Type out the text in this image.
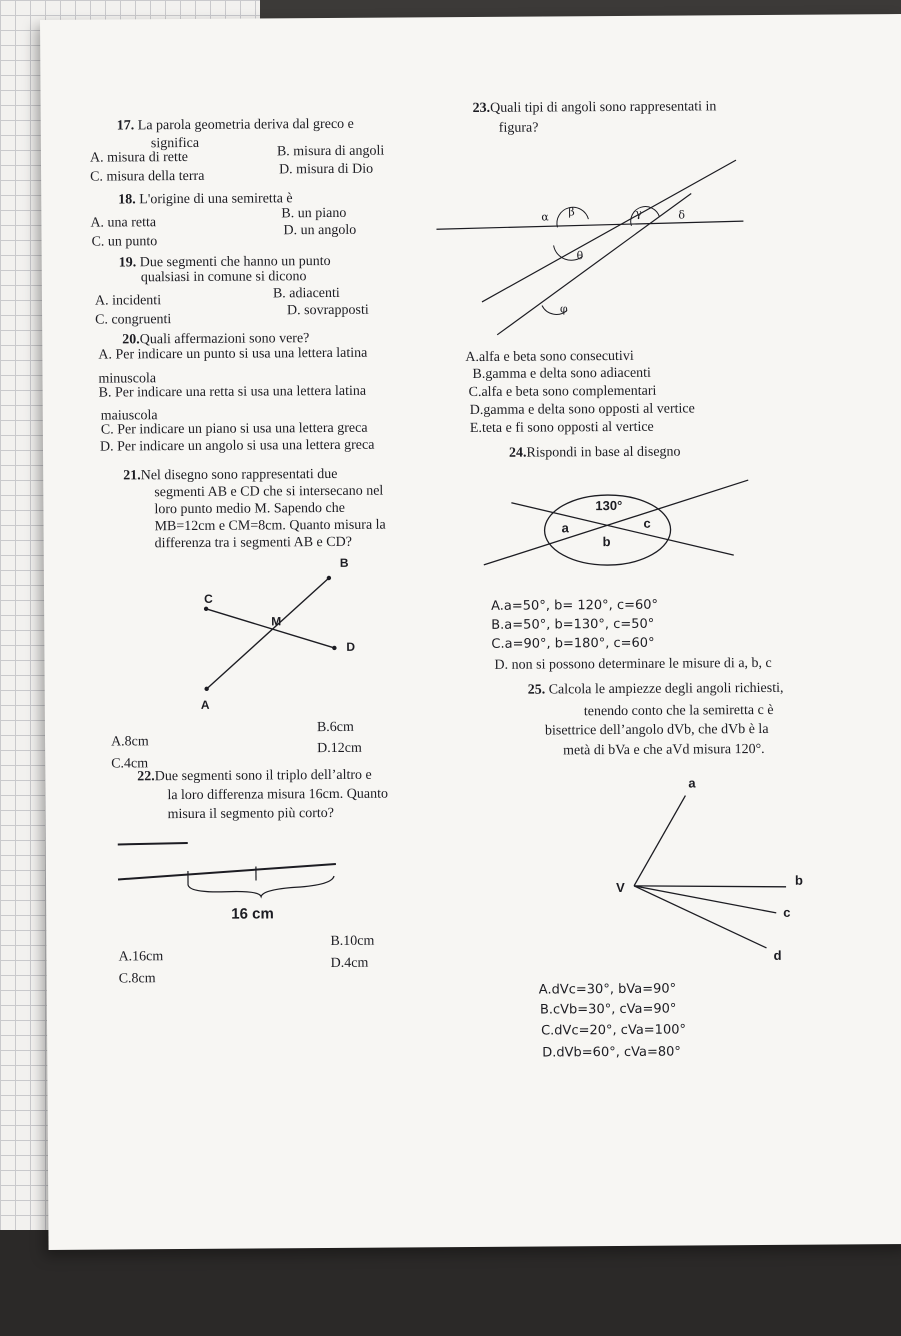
17. La parola geometria deriva dal greco e
significa
A. misura di rette	B. misura di angoli
C. misura della terra	D. misura di Dio
18. L'origine di una semiretta è
A. una retta
B. un piano
C. un punto
D. un angolo
19. Due segmenti che hanno un punto
qualsiasi in comune si dicono
A. incidenti	B. adiacenti
C. congruenti
D. sovrapposti
20.Quali affermazioni sono vere?
A. Per indicare un punto si usa una lettera latina
minuscola
B. Per indicare una retta si usa una lettera latina
maiuscola
C. Per indicare un piano si usa una lettera greca
D. Per indicare un angolo si usa una lettera greca
21.Nel disegno sono rappresentati due
segmenti AB e CD che si intersecano nel
loro punto medio M. Sapendo che
MB=12cm e CM=8cm. Quanto misura la
differenza tra i segmenti AB e CD?
B
C
M
D
A
A.8cm
B.6cm
C.4cm
D.12cm
22.Due segmenti sono il triplo dell’altro e
la loro differenza misura 16cm. Quanto
misura il segmento più corto?
16 cm
A.16cm
B.10cm
C.8cm
D.4cm
23.Quali tipi di angoli sono rappresentati in
figura?
α β	γ	δ
θ
φ
A.alfa e beta sono consecutivi
B.gamma e delta sono adiacenti
C.alfa e beta sono complementari
D.gamma e delta sono opposti al vertice
E.teta e fi sono opposti al vertice
24.Rispondi in base al disegno
130°
a
b
c
A.a=50°, b= 120°, c=60°
B.a=50°, b=130°, c=50°
C.a=90°, b=180°, c=60°
D. non si possono determinare le misure di a, b, c
25. Calcola le ampiezze degli angoli richiesti,
tenendo conto che la semiretta c è
bisettrice dell’angolo dVb, che dVb è la
metà di bVa e che aVd misura 120°.
a
V	b
c
d
A.dVc=30°, bVa=90°
B.cVb=30°, cVa=90°
C.dVc=20°, cVa=100°
D.dVb=60°, cVa=80°
